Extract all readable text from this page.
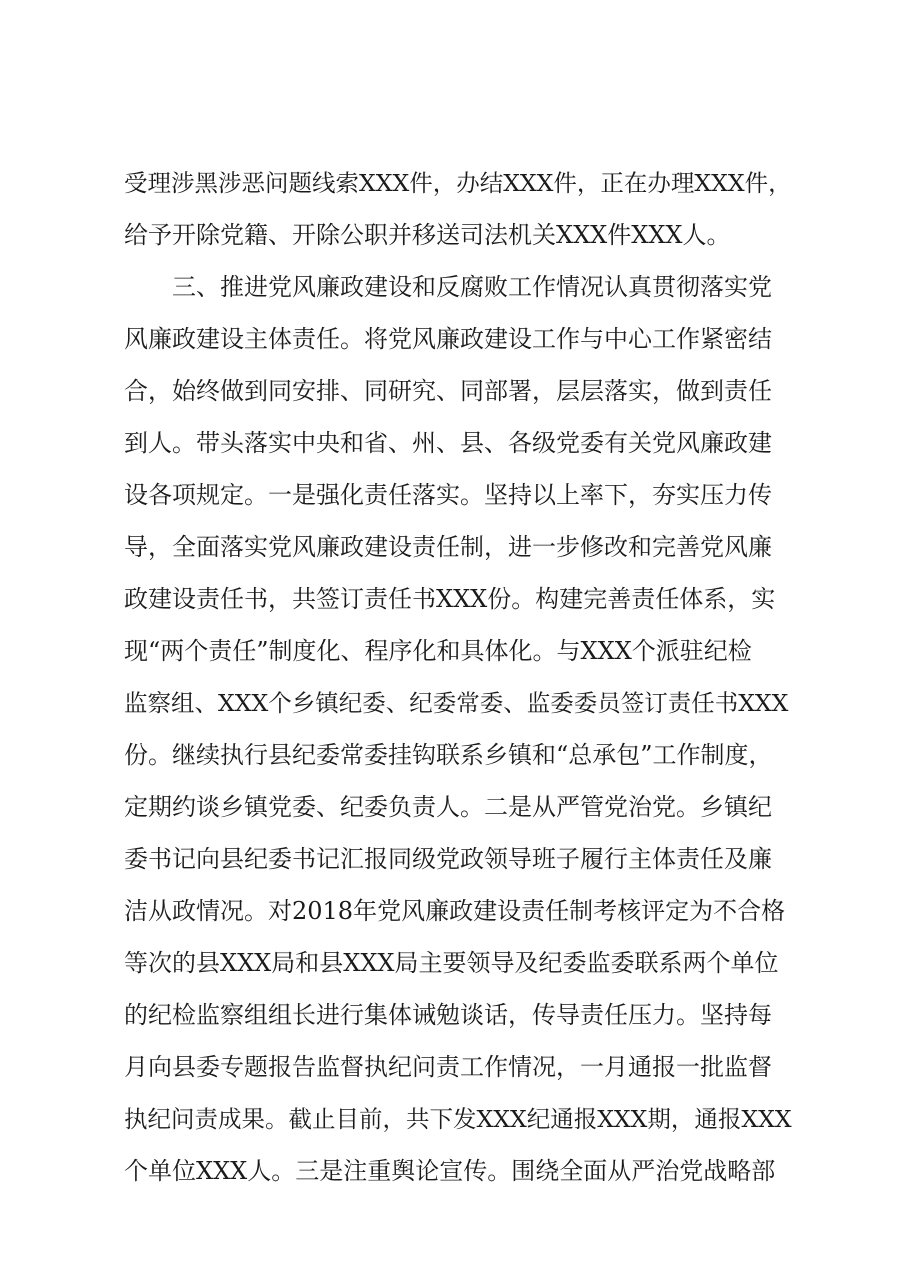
受理涉黑涉恶问题线索XXX件，办结XXX件，正在办理XXX件，
给予开除党籍、开除公职并移送司法机关XXX件XXX人。
三、推进党风廉政建设和反腐败工作情况认真贯彻落实党
风廉政建设主体责任。将党风廉政建设工作与中心工作紧密结
合，始终做到同安排、同研究、同部署，层层落实，做到责任
到人。带头落实中央和省、州、县、各级党委有关党风廉政建
设各项规定。一是强化责任落实。坚持以上率下，夯实压力传
导，全面落实党风廉政建设责任制，进一步修改和完善党风廉
政建设责任书，共签订责任书XXX份。构建完善责任体系，实
现“两个责任”制度化、程序化和具体化。与XXX个派驻纪检
监察组、XXX个乡镇纪委、纪委常委、监委委员签订责任书XXX
份。继续执行县纪委常委挂钩联系乡镇和“总承包”工作制度，
定期约谈乡镇党委、纪委负责人。二是从严管党治党。乡镇纪
委书记向县纪委书记汇报同级党政领导班子履行主体责任及廉
洁从政情况。对2018年党风廉政建设责任制考核评定为不合格
等次的县XXX局和县XXX局主要领导及纪委监委联系两个单位
的纪检监察组组长进行集体诫勉谈话，传导责任压力。坚持每
月向县委专题报告监督执纪问责工作情况，一月通报一批监督
执纪问责成果。截止目前，共下发XXX纪通报XXX期，通报XXX
个单位XXX人。三是注重舆论宣传。围绕全面从严治党战略部
